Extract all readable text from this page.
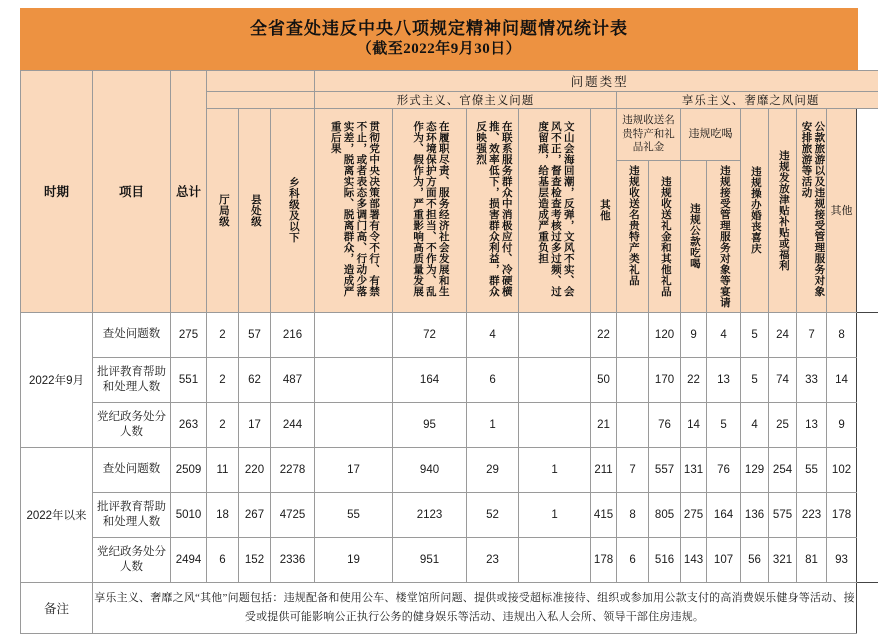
全省查处违反中央八项规定精神问题情况统计表
（截至2022年9月30日）
时期	项目	总计				问题类型												
						形式主义、官僚主义问题					享乐主义、奢靡之风问题							

			厅局级	县处级	乡科级及以下	贯彻党中央决策部署有令不行、有禁不止，或者表态多调门高、行动少落实差，脱离实际、脱离群众，造成严重后果	在履职尽责、服务经济社会发展和生态环境保护方面不担当、不作为、乱作为、假作为，严重影响高质量发展	在联系服务群众中消极应付、冷硬横推、效率低下，损害群众利益，群众反映强烈	文山会海回潮，反弹，文风不实、会风不正，督查检查考核过多过频、过度留痕，给基层造成严重负担	其他	违规收送名贵特产和礼品礼金		违规吃喝		违规操办婚丧喜庆	违规发放津贴补贴或福利	公款旅游以及违规接受管理服务对象安排旅游等活动	其他

											违规收送名贵特产类礼品	违规收送礼金和其他礼品	违规公款吃喝	违规接受管理服务对象等宴请				

2022年9月	查处问题数	275	2	57	216		72	4		22		120	9	4	5	24	7	8
	批评教育帮助和处理人数	551	2	62	487		164	6		50		170	22	13	5	74	33	14
	党纪政务处分人数	263	2	17	244		95	1		21		76	14	5	4	25	13	9
2022年以来	查处问题数	2509	11	220	2278	17	940	29	1	211	7	557	131	76	129	254	55	102
	批评教育帮助和处理人数	5010	18	267	4725	55	2123	52	1	415	8	805	275	164	136	575	223	178
	党纪政务处分人数	2494	6	152	2336	19	951	23		178	6	516	143	107	56	321	81	93
备注	享乐主义、奢靡之风“其他”问题包括：违规配备和使用公车、楼堂馆所问题、提供或接受超标准接待、组织或参加用公款支付的高消费娱乐健身等活动、接受或提供可能影响公正执行公务的健身娱乐等活动、违规出入私人会所、领导干部住房违规。																	
